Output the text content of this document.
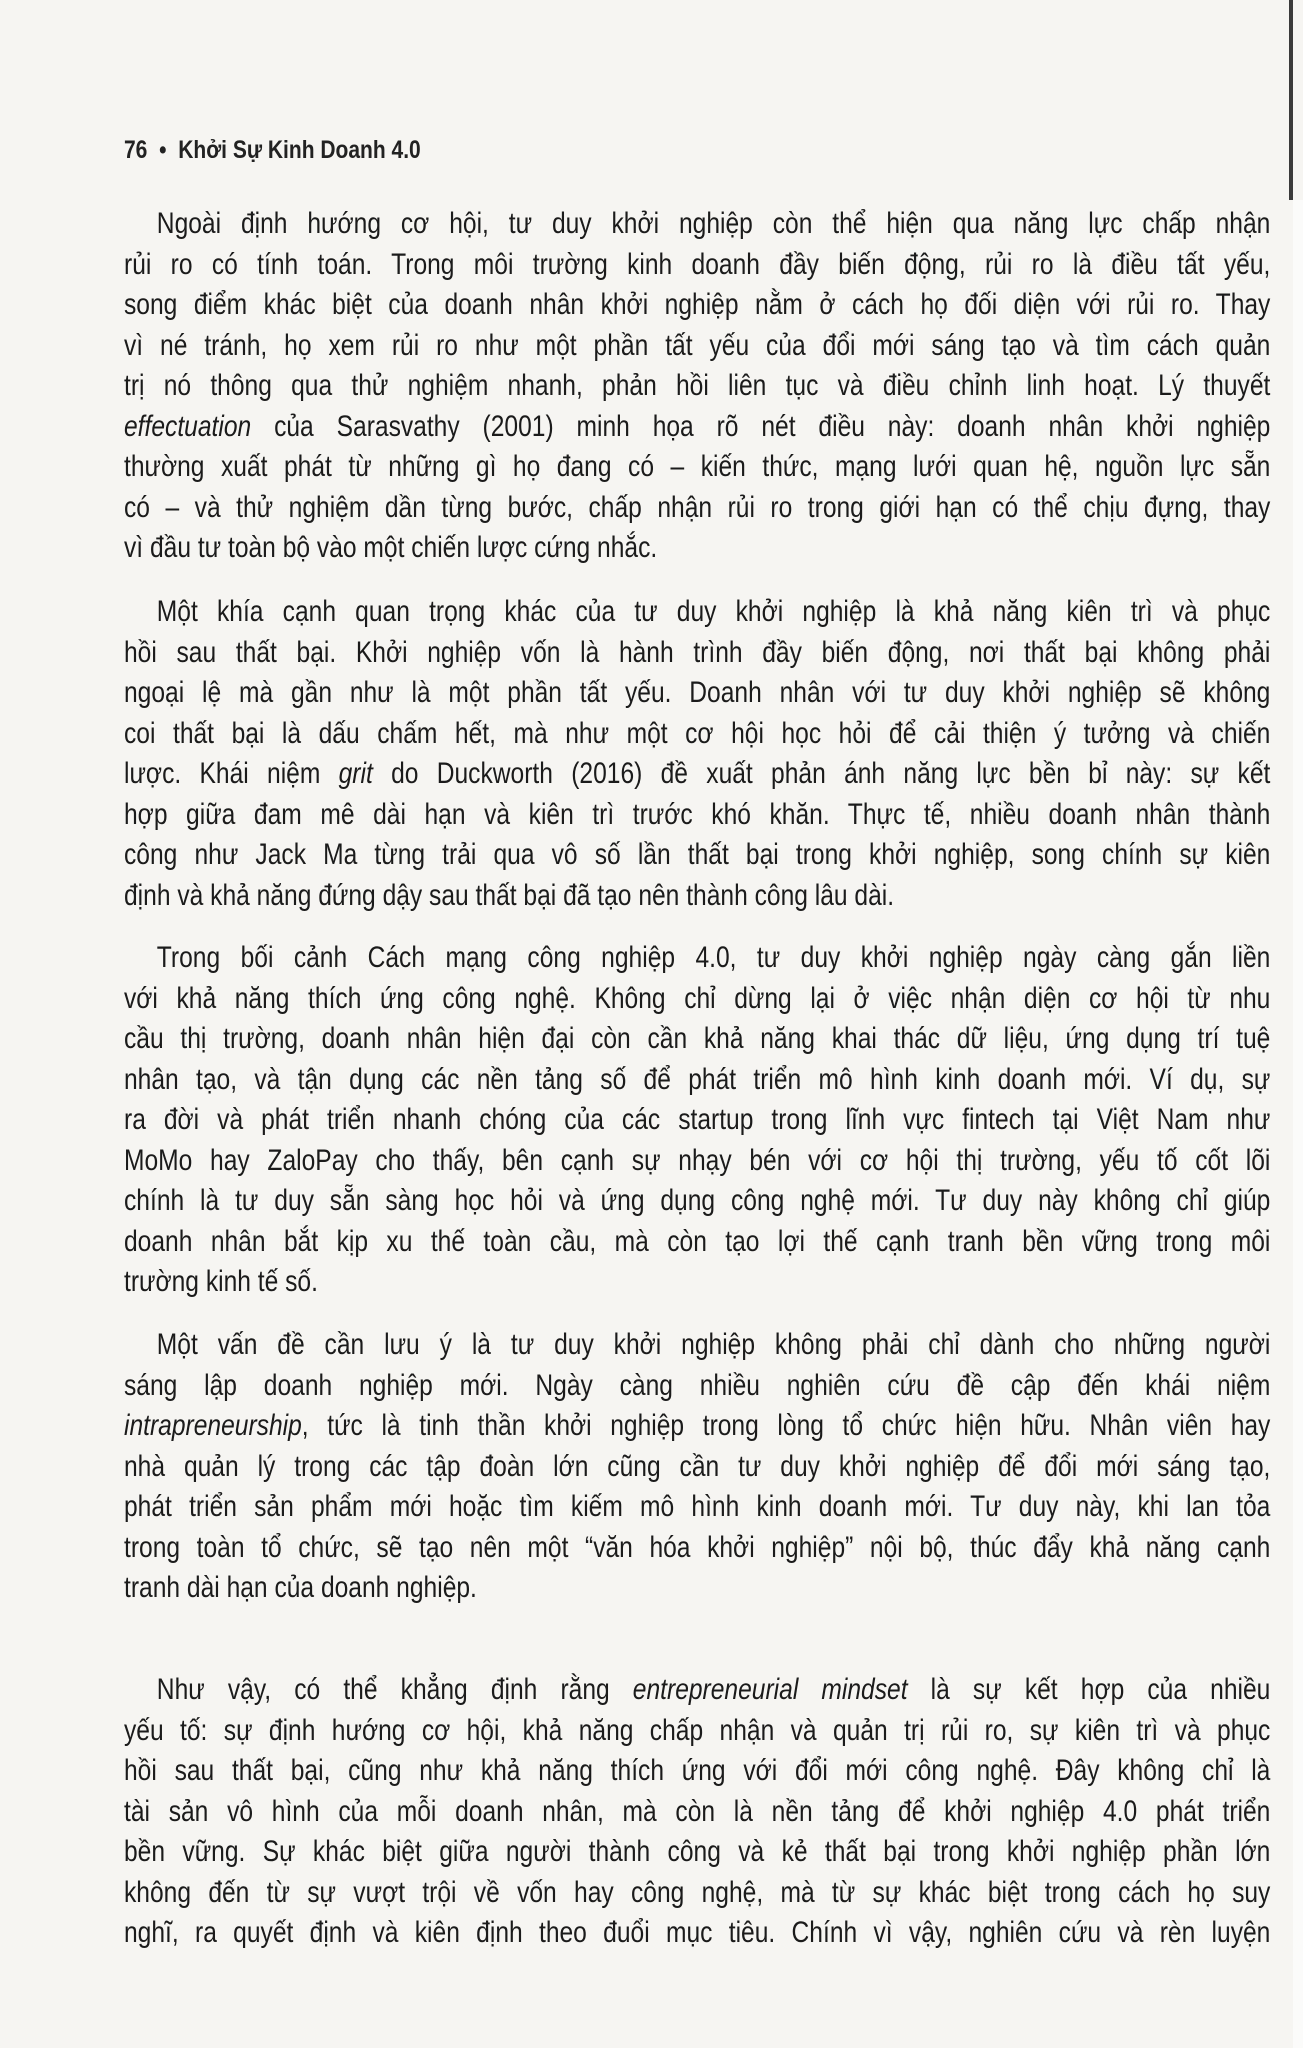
76 • Khởi Sự Kinh Doanh 4.0
Ngoài định hướng cơ hội, tư duy khởi nghiệp còn thể hiện qua năng lực chấp nhận
rủi ro có tính toán. Trong môi trường kinh doanh đầy biến động, rủi ro là điều tất yếu,
song điểm khác biệt của doanh nhân khởi nghiệp nằm ở cách họ đối diện với rủi ro. Thay
vì né tránh, họ xem rủi ro như một phần tất yếu của đổi mới sáng tạo và tìm cách quản
trị nó thông qua thử nghiệm nhanh, phản hồi liên tục và điều chỉnh linh hoạt. Lý thuyết
effectuation của Sarasvathy (2001) minh họa rõ nét điều này: doanh nhân khởi nghiệp
thường xuất phát từ những gì họ đang có – kiến thức, mạng lưới quan hệ, nguồn lực sẵn
có – và thử nghiệm dần từng bước, chấp nhận rủi ro trong giới hạn có thể chịu đựng, thay
vì đầu tư toàn bộ vào một chiến lược cứng nhắc.
Một khía cạnh quan trọng khác của tư duy khởi nghiệp là khả năng kiên trì và phục
hồi sau thất bại. Khởi nghiệp vốn là hành trình đầy biến động, nơi thất bại không phải
ngoại lệ mà gần như là một phần tất yếu. Doanh nhân với tư duy khởi nghiệp sẽ không
coi thất bại là dấu chấm hết, mà như một cơ hội học hỏi để cải thiện ý tưởng và chiến
lược. Khái niệm grit do Duckworth (2016) đề xuất phản ánh năng lực bền bỉ này: sự kết
hợp giữa đam mê dài hạn và kiên trì trước khó khăn. Thực tế, nhiều doanh nhân thành
công như Jack Ma từng trải qua vô số lần thất bại trong khởi nghiệp, song chính sự kiên
định và khả năng đứng dậy sau thất bại đã tạo nên thành công lâu dài.
Trong bối cảnh Cách mạng công nghiệp 4.0, tư duy khởi nghiệp ngày càng gắn liền
với khả năng thích ứng công nghệ. Không chỉ dừng lại ở việc nhận diện cơ hội từ nhu
cầu thị trường, doanh nhân hiện đại còn cần khả năng khai thác dữ liệu, ứng dụng trí tuệ
nhân tạo, và tận dụng các nền tảng số để phát triển mô hình kinh doanh mới. Ví dụ, sự
ra đời và phát triển nhanh chóng của các startup trong lĩnh vực fintech tại Việt Nam như
MoMo hay ZaloPay cho thấy, bên cạnh sự nhạy bén với cơ hội thị trường, yếu tố cốt lõi
chính là tư duy sẵn sàng học hỏi và ứng dụng công nghệ mới. Tư duy này không chỉ giúp
doanh nhân bắt kịp xu thế toàn cầu, mà còn tạo lợi thế cạnh tranh bền vững trong môi
trường kinh tế số.
Một vấn đề cần lưu ý là tư duy khởi nghiệp không phải chỉ dành cho những người
sáng lập doanh nghiệp mới. Ngày càng nhiều nghiên cứu đề cập đến khái niệm
intrapreneurship, tức là tinh thần khởi nghiệp trong lòng tổ chức hiện hữu. Nhân viên hay
nhà quản lý trong các tập đoàn lớn cũng cần tư duy khởi nghiệp để đổi mới sáng tạo,
phát triển sản phẩm mới hoặc tìm kiếm mô hình kinh doanh mới. Tư duy này, khi lan tỏa
trong toàn tổ chức, sẽ tạo nên một “văn hóa khởi nghiệp” nội bộ, thúc đẩy khả năng cạnh
tranh dài hạn của doanh nghiệp.
Như vậy, có thể khẳng định rằng entrepreneurial mindset là sự kết hợp của nhiều
yếu tố: sự định hướng cơ hội, khả năng chấp nhận và quản trị rủi ro, sự kiên trì và phục
hồi sau thất bại, cũng như khả năng thích ứng với đổi mới công nghệ. Đây không chỉ là
tài sản vô hình của mỗi doanh nhân, mà còn là nền tảng để khởi nghiệp 4.0 phát triển
bền vững. Sự khác biệt giữa người thành công và kẻ thất bại trong khởi nghiệp phần lớn
không đến từ sự vượt trội về vốn hay công nghệ, mà từ sự khác biệt trong cách họ suy
nghĩ, ra quyết định và kiên định theo đuổi mục tiêu. Chính vì vậy, nghiên cứu và rèn luyện
